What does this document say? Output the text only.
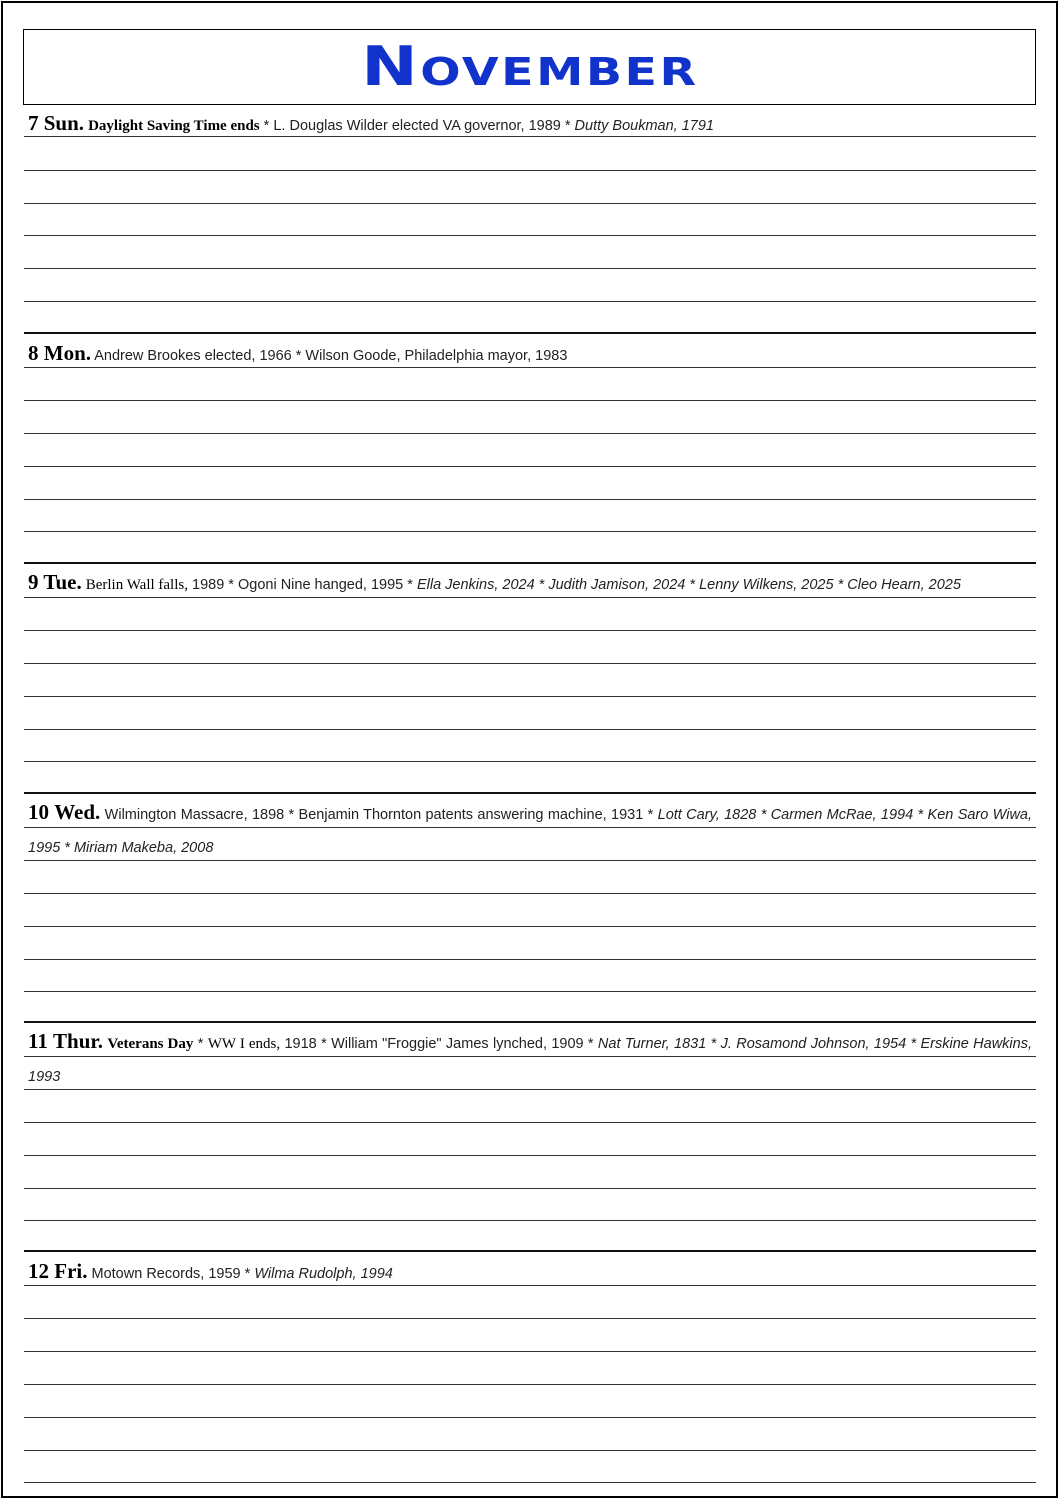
November
7 Sun. Daylight Saving Time ends * L. Douglas Wilder elected VA governor, 1989 * Dutty Boukman, 1791
8 Mon. Andrew Brookes elected, 1966 * Wilson Goode, Philadelphia mayor, 1983
9 Tue. Berlin Wall falls, 1989 * Ogoni Nine hanged, 1995 * Ella Jenkins, 2024 * Judith Jamison, 2024 * Lenny Wilkens, 2025 * Cleo Hearn, 2025
10 Wed. Wilmington Massacre, 1898 * Benjamin Thornton patents answering machine, 1931 * Lott Cary, 1828 * Carmen McRae, 1994 * Ken Saro Wiwa, 1995 * Miriam Makeba, 2008
11 Thur. Veterans Day * WW I ends, 1918 * William "Froggie" James lynched, 1909 * Nat Turner, 1831 * J. Rosamond Johnson, 1954 * Erskine Hawkins, 1993
12 Fri. Motown Records, 1959 * Wilma Rudolph, 1994
